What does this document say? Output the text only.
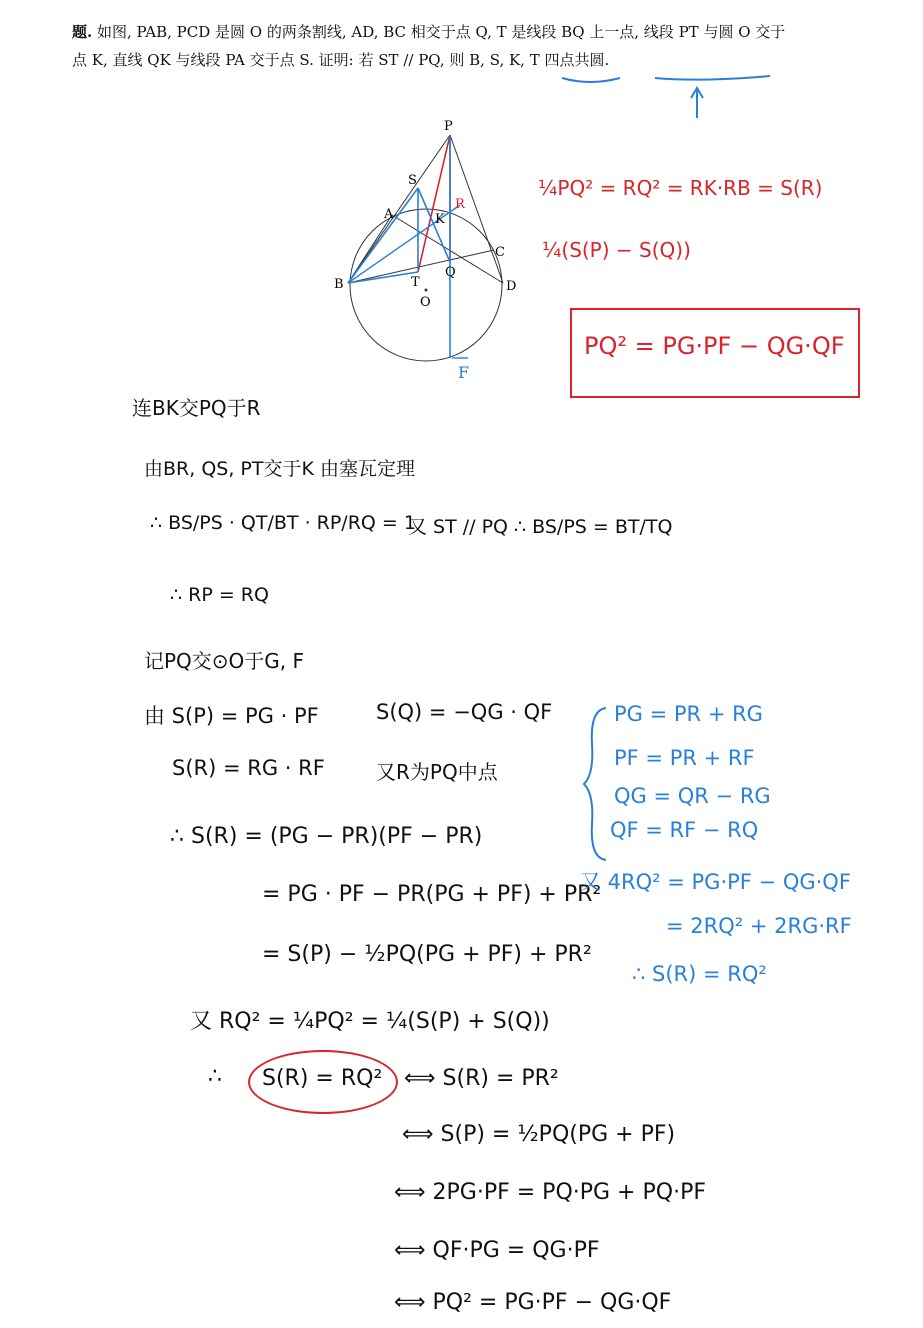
题. 如图, PAB, PCD 是圆 O 的两条割线, AD, BC 相交于点 Q, T 是线段 BQ 上一点, 线段 PT 与圆 O 交于点 K, 直线 QK 与线段 PA 交于点 S. 证明: 若 ST // PQ, 则 B, S, K, T 四点共圆.
P
S
A	K
R
C
Q
B	T
O
D
F
¼PQ² = RQ² = RK·RB = S(R)
¼(S(P) − S(Q))
PQ² = PG·PF − QG·QF
连BK交PQ于R
由BR, QS, PT交于K 由塞瓦定理
∴ BS/PS · QT/BT · RP/RQ = 1
又 ST // PQ ∴ BS/PS = BT/TQ
∴ RP = RQ
记PQ交⊙O于G, F
由 S(P) = PG · PF	S(Q) = −QG · QF
S(R) = RG · RF	又R为PQ中点
∴ S(R) = (PG − PR)(PF − PR)
= PG · PF − PR(PG + PF) + PR²
= S(P) − ½PQ(PG + PF) + PR²
又 RQ² = ¼PQ² = ¼(S(P) + S(Q))
∴ S(R) = RQ² ⟺ S(R) = PR²
⟺ S(P) = ½PQ(PG + PF)
⟺ 2PG·PF = PQ·PG + PQ·PF
⟺ QF·PG = QG·PF
⟺ PQ² = PG·PF − QG·QF
PG = PR + RG
PF = PR + RF
QG = QR − RG
QF = RF − RQ
又 4RQ² = PG·PF − QG·QF
= 2RQ² + 2RG·RF
∴ S(R) = RQ²
